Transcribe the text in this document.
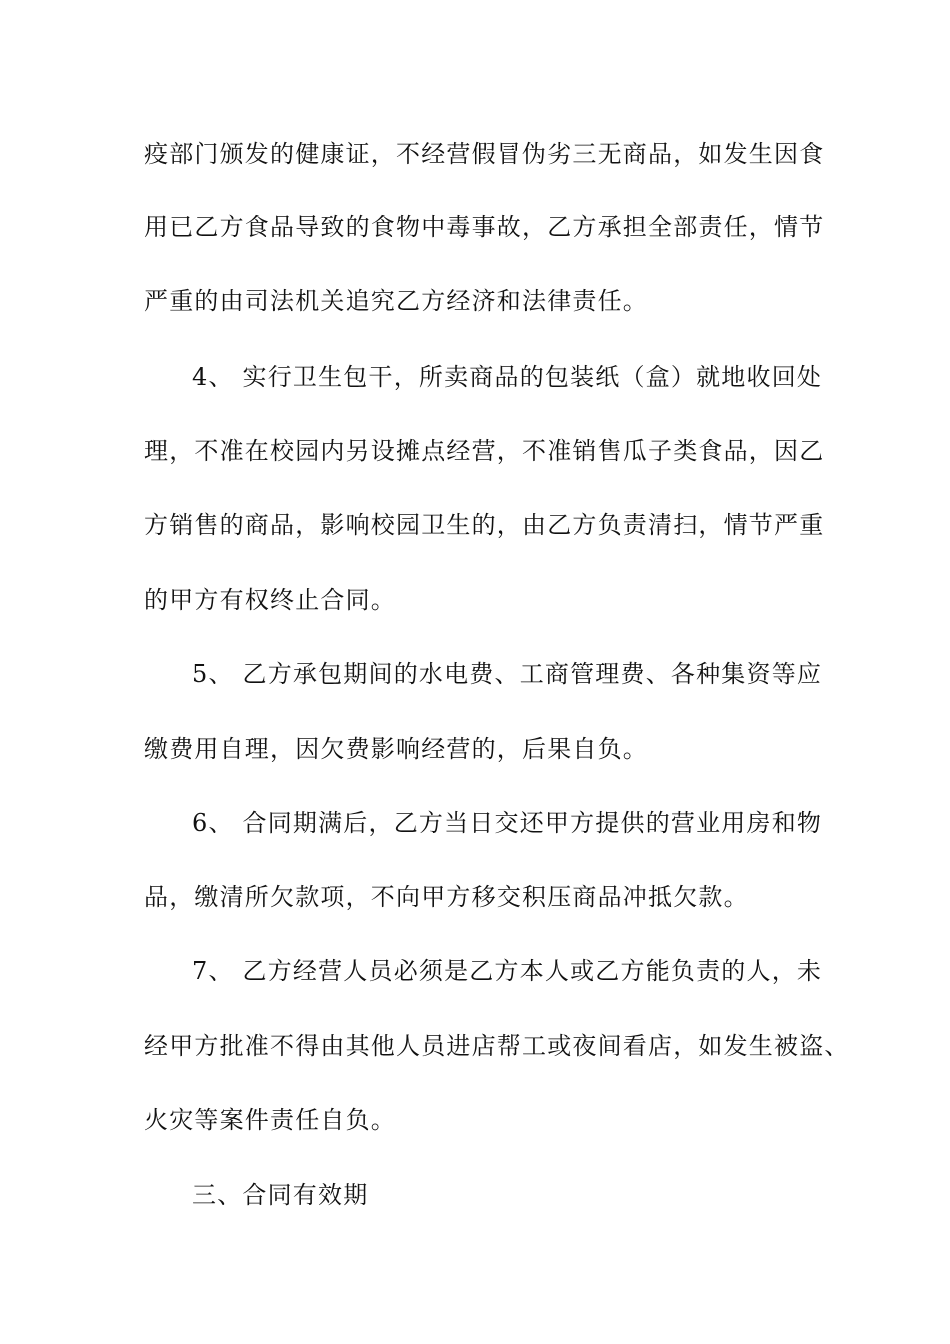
疫部门颁发的健康证，不经营假冒伪劣三无商品，如发生因食
用已乙方食品导致的食物中毒事故，乙方承担全部责任，情节
严重的由司法机关追究乙方经济和法律责任。
4、 实行卫生包干，所卖商品的包装纸（盒）就地收回处
理，不准在校园内另设摊点经营，不准销售瓜子类食品，因乙
方销售的商品，影响校园卫生的，由乙方负责清扫，情节严重
的甲方有权终止合同。
5、 乙方承包期间的水电费、工商管理费、各种集资等应
缴费用自理，因欠费影响经营的，后果自负。
6、 合同期满后，乙方当日交还甲方提供的营业用房和物
品，缴清所欠款项，不向甲方移交积压商品冲抵欠款。
7、 乙方经营人员必须是乙方本人或乙方能负责的人，未
经甲方批准不得由其他人员进店帮工或夜间看店，如发生被盗、
火灾等案件责任自负。
三、合同有效期
